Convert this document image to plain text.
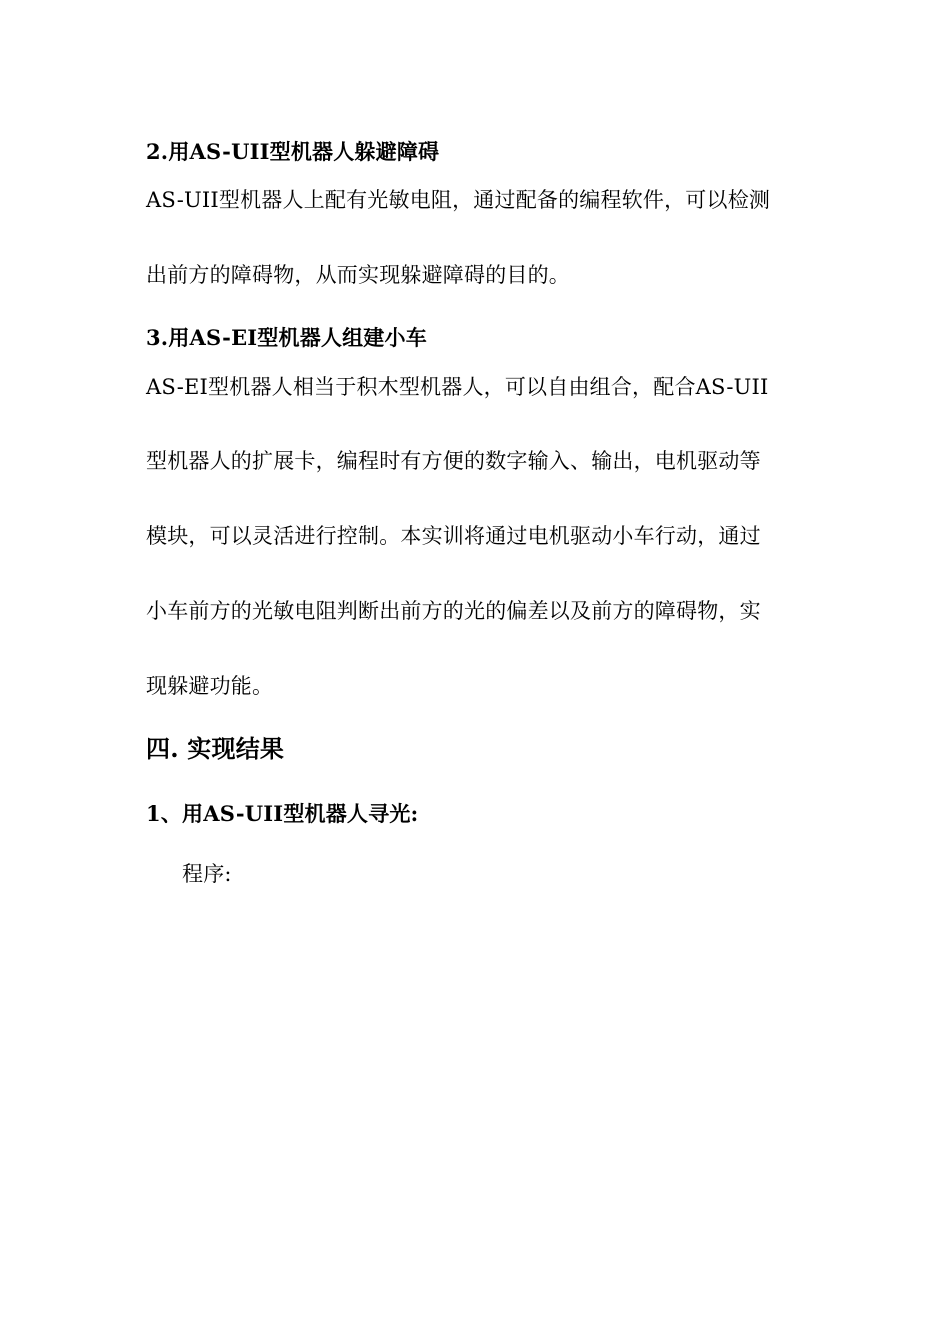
2.用AS-UII型机器人躲避障碍
AS-UII型机器人上配有光敏电阻，通过配备的编程软件，可以检测
出前方的障碍物，从而实现躲避障碍的目的。
3.用AS-EI型机器人组建小车
AS-EI型机器人相当于积木型机器人，可以自由组合，配合AS-UII
型机器人的扩展卡，编程时有方便的数字输入、输出，电机驱动等
模块，可以灵活进行控制。本实训将通过电机驱动小车行动，通过
小车前方的光敏电阻判断出前方的光的偏差以及前方的障碍物，实
现躲避功能。
四. 实现结果
1、用AS-UII型机器人寻光:
程序:
